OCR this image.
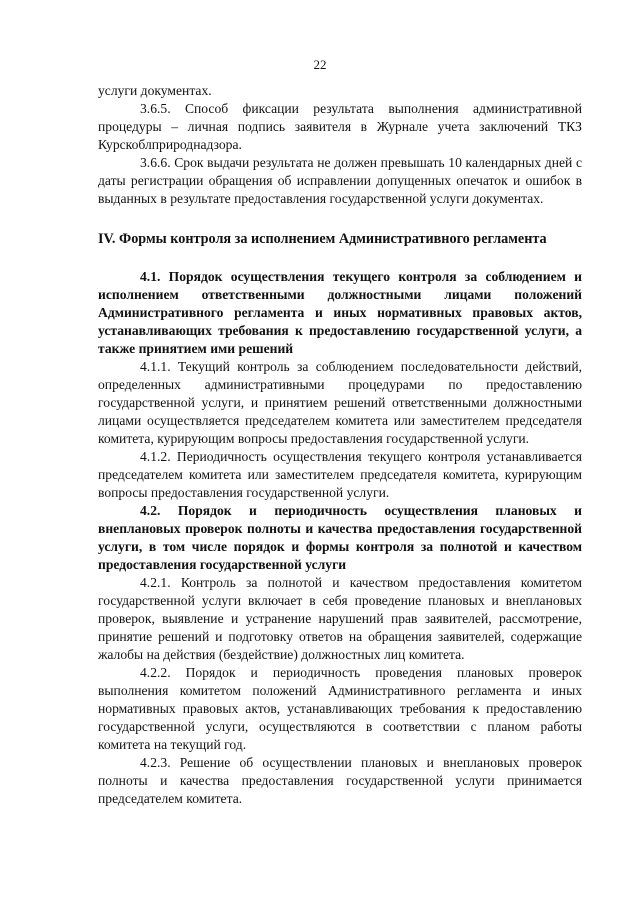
22

услуги документах.

3.6.5. Способ фиксации результата выполнения административной процедуры – личная подпись заявителя в Журнале учета заключений ТКЗ Курскоблприроднадзора.

3.6.6. Срок выдачи результата не должен превышать 10 календарных дней с даты регистрации обращения об исправлении допущенных опечаток и ошибок в выданных в результате предоставления государственной услуги документах.

IV. Формы контроля за исполнением Административного регламента

4.1. Порядок осуществления текущего контроля за соблюдением и исполнением ответственными должностными лицами положений Административного регламента и иных нормативных правовых актов, устанавливающих требования к предоставлению государственной услуги, а также принятием ими решений

4.1.1. Текущий контроль за соблюдением последовательности действий, определенных административными процедурами по предоставлению государственной услуги, и принятием решений ответственными должностными лицами осуществляется председателем комитета или заместителем председателя комитета, курирующим вопросы предоставления государственной услуги.

4.1.2. Периодичность осуществления текущего контроля устанавливается председателем комитета или заместителем председателя комитета, курирующим вопросы предоставления государственной услуги.

4.2. Порядок и периодичность осуществления плановых и внеплановых проверок полноты и качества предоставления государственной услуги, в том числе порядок и формы контроля за полнотой и качеством предоставления государственной услуги

4.2.1. Контроль за полнотой и качеством предоставления комитетом государственной услуги включает в себя проведение плановых и внеплановых проверок, выявление и устранение нарушений прав заявителей, рассмотрение, принятие решений и подготовку ответов на обращения заявителей, содержащие жалобы на действия (бездействие) должностных лиц комитета.

4.2.2. Порядок и периодичность проведения плановых проверок выполнения комитетом положений Административного регламента и иных нормативных правовых актов, устанавливающих требования к предоставлению государственной услуги, осуществляются в соответствии с планом работы комитета на текущий год.

4.2.3. Решение об осуществлении плановых и внеплановых проверок полноты и качества предоставления государственной услуги принимается председателем комитета.
